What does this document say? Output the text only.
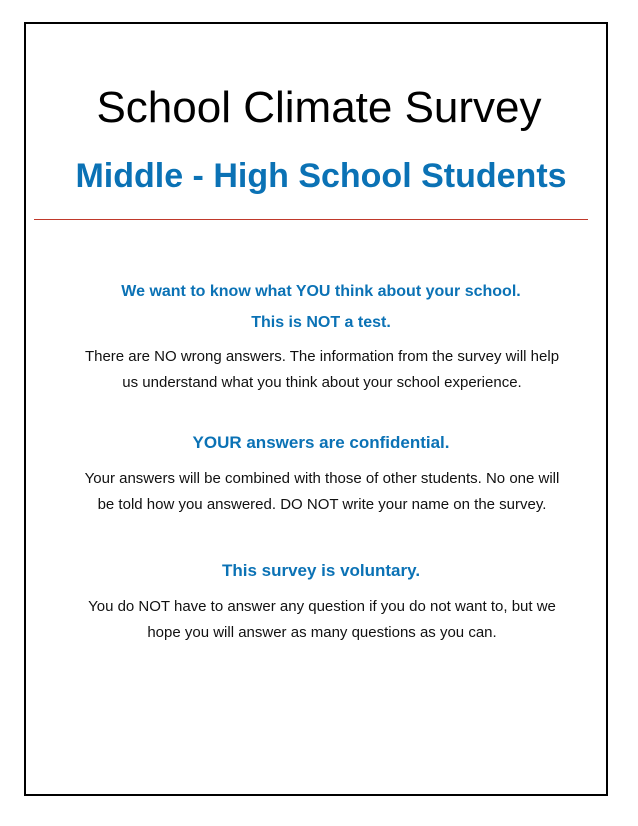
School Climate Survey
Middle - High School Students
We want to know what YOU think about your school.
This is NOT a test.
There are NO wrong answers. The information from the survey will help
us understand what you think about your school experience.
YOUR answers are confidential.
Your answers will be combined with those of other students. No one will
be told how you answered. DO NOT write your name on the survey.
This survey is voluntary.
You do NOT have to answer any question if you do not want to, but we
hope you will answer as many questions as you can.
